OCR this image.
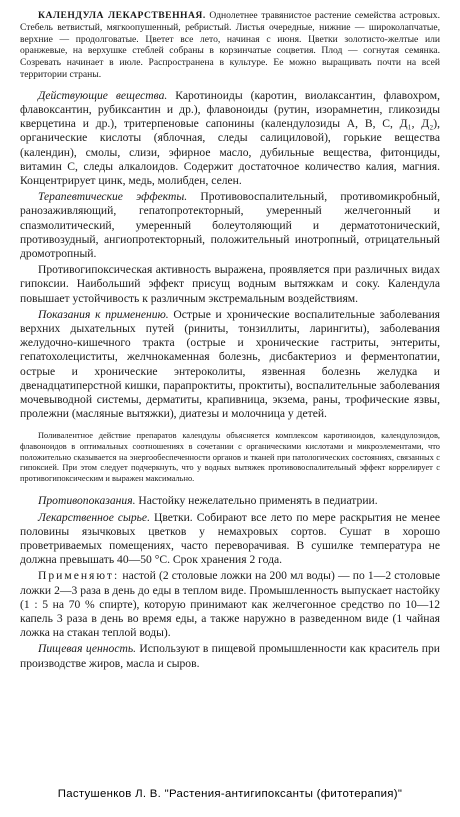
КАЛЕНДУЛА ЛЕКАРСТВЕННАЯ. Однолетнее травянистое растение семейства астровых. Стебель ветвистый, мягкоопушенный, ребристый. Листья очередные, нижние — широколапчатые, верхние — продолговатые. Цветет все лето, начиная с июня. Цветки золотисто-желтые или оранжевые, на верхушке стеблей собраны в корзинчатые соцветия. Плод — согнутая семянка. Созревать начинает в июле. Распространена в культуре. Ее можно выращивать почти на всей территории страны.

Действующие вещества. Каротиноиды (каротин, виолаксантин, флавохром, флавоксантин, рубиксантин и др.), флавоноиды (рутин, изорамнетин, гликозиды кверцетина и др.), тритерпеновые сапонины (календулозиды А, В, С, Д₁, Д₂), органические кислоты (яблочная, следы салициловой), горькие вещества (календин), смолы, слизи, эфирное масло, дубильные вещества, фитонциды, витамин С, следы алкалоидов. Содержит достаточное количество калия, магния. Концентрирует цинк, медь, молибден, селен.

Терапевтические эффекты. Противовоспалительный, противомикробный, ранозаживляющий, гепатопротекторный, умеренный желчегонный и спазмолитический, умеренный болеутоляющий и дерматотонический, противозудный, ангиопротекторный, положительный инотропный, отрицательный дромотропный.

Противогипоксическая активность выражена, проявляется при различных видах гипоксии. Наибольший эффект присущ водным вытяжкам и соку. Календула повышает устойчивость к различным экстремальным воздействиям.

Показания к применению. Острые и хронические воспалительные заболевания верхних дыхательных путей (риниты, тонзиллиты, ларингиты), заболевания желудочно-кишечного тракта (острые и хронические гастриты, энтериты, гепатохолециститы, желчнокаменная болезнь, дисбактериоз и ферментопатии, острые и хронические энтероколиты, язвенная болезнь желудка и двенадцатиперстной кишки, парапроктиты, проктиты), воспалительные заболевания мочевыводной системы, дерматиты, крапивница, экзема, раны, трофические язвы, пролежни (масляные вытяжки), диатезы и молочница у детей.

Поливалентное действие препаратов календулы объясняется комплексом каротиноидов, календулозидов, флавоноидов в оптимальных соотношениях в сочетании с органическими кислотами и микроэлементами, что положительно сказывается на энергообеспеченности органов и тканей при патологических состояниях, связанных с гипоксией. При этом следует подчеркнуть, что у водных вытяжек противовоспалительный эффект коррелирует с противогипоксическим и выражен максимально.

Противопоказания. Настойку нежелательно применять в педиатрии.

Лекарственное сырье. Цветки. Собирают все лето по мере раскрытия не менее половины язычковых цветков у немахровых сортов. Сушат в хорошо проветриваемых помещениях, часто переворачивая. В сушилке температура не должна превышать 40—50 °C. Срок хранения 2 года.

Применяют: настой (2 столовые ложки на 200 мл воды) — по 1—2 столовые ложки 2—3 раза в день до еды в теплом виде. Промышленность выпускает настойку (1 : 5 на 70 % спирте), которую принимают как желчегонное средство по 10—12 капель 3 раза в день во время еды, а также наружно в разведенном виде (1 чайная ложка на стакан теплой воды).

Пищевая ценность. Используют в пищевой промышленности как краситель при производстве жиров, масла и сыров.

Пастушенков Л. В. "Растения-антигипоксанты (фитотерапия)"
